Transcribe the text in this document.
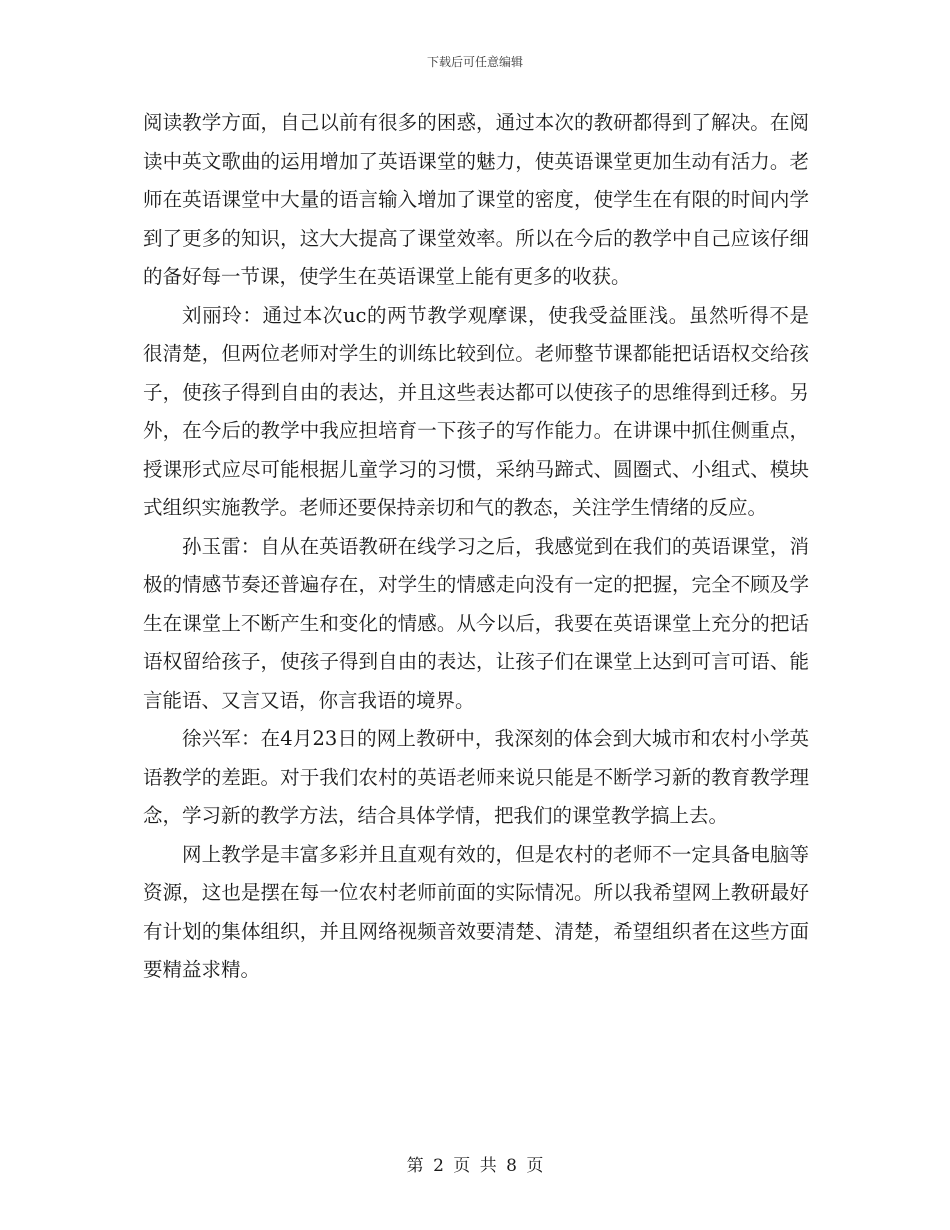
下载后可任意编辑

阅读教学方面，自己以前有很多的困惑，通过本次的教研都得到了解决。在阅读中英文歌曲的运用增加了英语课堂的魅力，使英语课堂更加生动有活力。老师在英语课堂中大量的语言输入增加了课堂的密度，使学生在有限的时间内学到了更多的知识，这大大提高了课堂效率。所以在今后的教学中自己应该仔细的备好每一节课，使学生在英语课堂上能有更多的收获。

刘丽玲：通过本次uc的两节教学观摩课，使我受益匪浅。虽然听得不是很清楚，但两位老师对学生的训练比较到位。老师整节课都能把话语权交给孩子，使孩子得到自由的表达，并且这些表达都可以使孩子的思维得到迁移。另外，在今后的教学中我应担培育一下孩子的写作能力。在讲课中抓住侧重点，授课形式应尽可能根据儿童学习的习惯，采纳马蹄式、圆圈式、小组式、模块式组织实施教学。老师还要保持亲切和气的教态，关注学生情绪的反应。

孙玉雷：自从在英语教研在线学习之后，我感觉到在我们的英语课堂，消极的情感节奏还普遍存在，对学生的情感走向没有一定的把握，完全不顾及学生在课堂上不断产生和变化的情感。从今以后，我要在英语课堂上充分的把话语权留给孩子，使孩子得到自由的表达，让孩子们在课堂上达到可言可语、能言能语、又言又语，你言我语的境界。

徐兴军：在4月23日的网上教研中，我深刻的体会到大城市和农村小学英语教学的差距。对于我们农村的英语老师来说只能是不断学习新的教育教学理念，学习新的教学方法，结合具体学情，把我们的课堂教学搞上去。

网上教学是丰富多彩并且直观有效的，但是农村的老师不一定具备电脑等资源，这也是摆在每一位农村老师前面的实际情况。所以我希望网上教研最好有计划的集体组织，并且网络视频音效要清楚、清楚，希望组织者在这些方面要精益求精。

第 2 页 共 8 页
